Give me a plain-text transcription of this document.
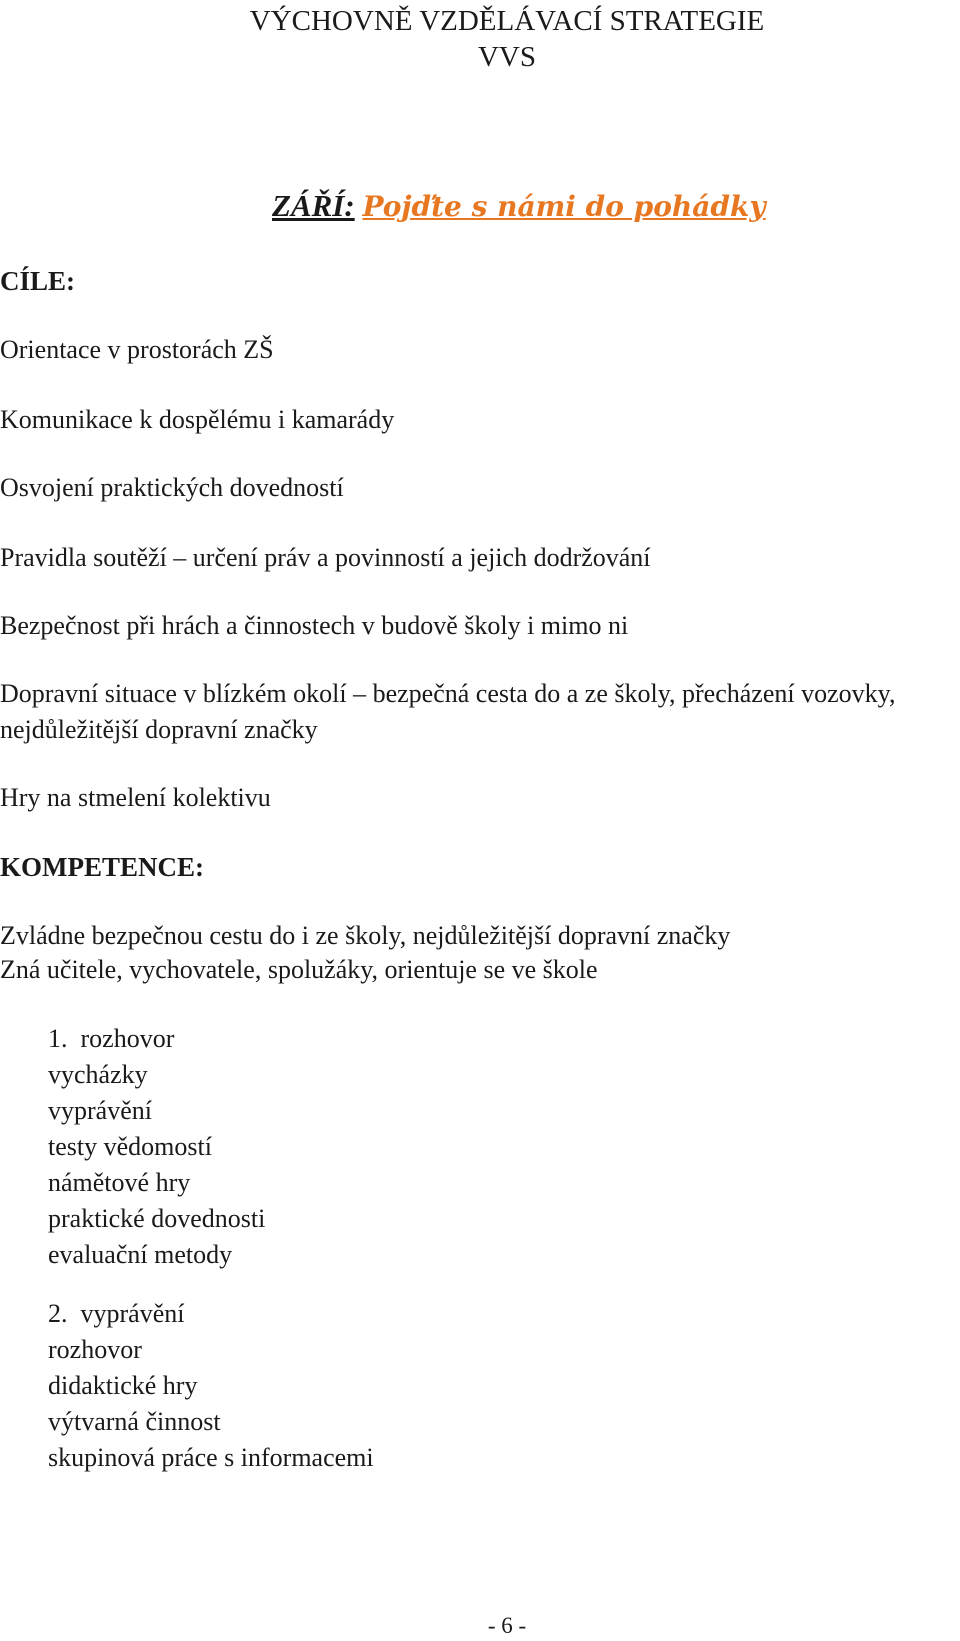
VÝCHOVNĚ VZDĚLÁVACÍ STRATEGIE
VVS
ZÁŘÍ: Pojďte s námi do pohádky
CÍLE:
Orientace v prostorách ZŠ
Komunikace k dospělému i kamarády
Osvojení praktických dovedností
Pravidla soutěží – určení práv a povinností a jejich dodržování
Bezpečnost při hrách a činnostech v budově školy i mimo ni
Dopravní situace v blízkém okolí – bezpečná cesta do a ze školy, přecházení vozovky, nejdůležitější dopravní značky
Hry na stmelení kolektivu
KOMPETENCE:
Zvládne bezpečnou cestu do i ze školy, nejdůležitější dopravní značky
Zná učitele, vychovatele, spolužáky, orientuje se ve škole
1. rozhovor
vycházky
vyprávění
testy vědomostí
námětové hry
praktické dovednosti
evaluační metody
2. vyprávění
rozhovor
didaktické hry
výtvarná činnost
skupinová práce s informacemi
- 6 -
